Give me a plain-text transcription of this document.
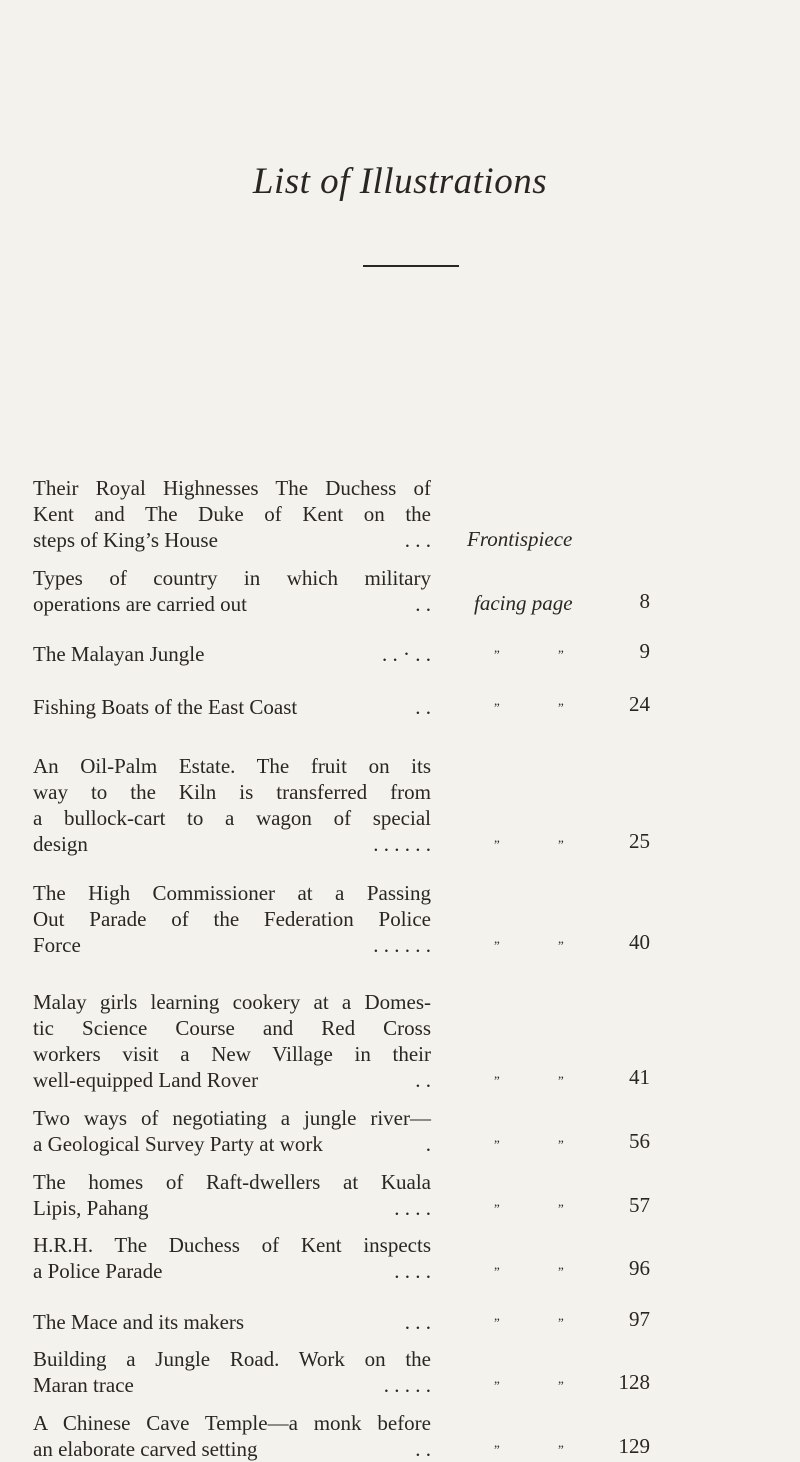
List of Illustrations
Their Royal Highnesses The Duchess of
Kent and The Duke of Kent on the
steps of King’s House	. . . Frontispiece
Types of country in which military
operations are carried out	. . facing page	8
The Malayan Jungle	. . · . .	”	”	9
Fishing Boats of the East Coast	. .	”	”	24
An Oil-Palm Estate. The fruit on its
way to the Kiln is transferred from
a bullock-cart to a wagon of special
design	. . . . . .	”	”	25
The High Commissioner at a Passing
Out Parade of the Federation Police
Force	. . . . . .	”	”	40
Malay girls learning cookery at a Domes-
tic Science Course and Red Cross
workers visit a New Village in their
well-equipped Land Rover	. .	”	”	41
Two ways of negotiating a jungle river—
a Geological Survey Party at work	.	”	”	56
The homes of Raft-dwellers at Kuala
Lipis, Pahang	. . . .	”	”	57
H.R.H. The Duchess of Kent inspects
a Police Parade	. . . .	”	”	96
The Mace and its makers	. . .	”	”	97
Building a Jungle Road. Work on the
Maran trace	. . . . .	”	”	128
A Chinese Cave Temple—a monk before
an elaborate carved setting	. .	”	”	129
